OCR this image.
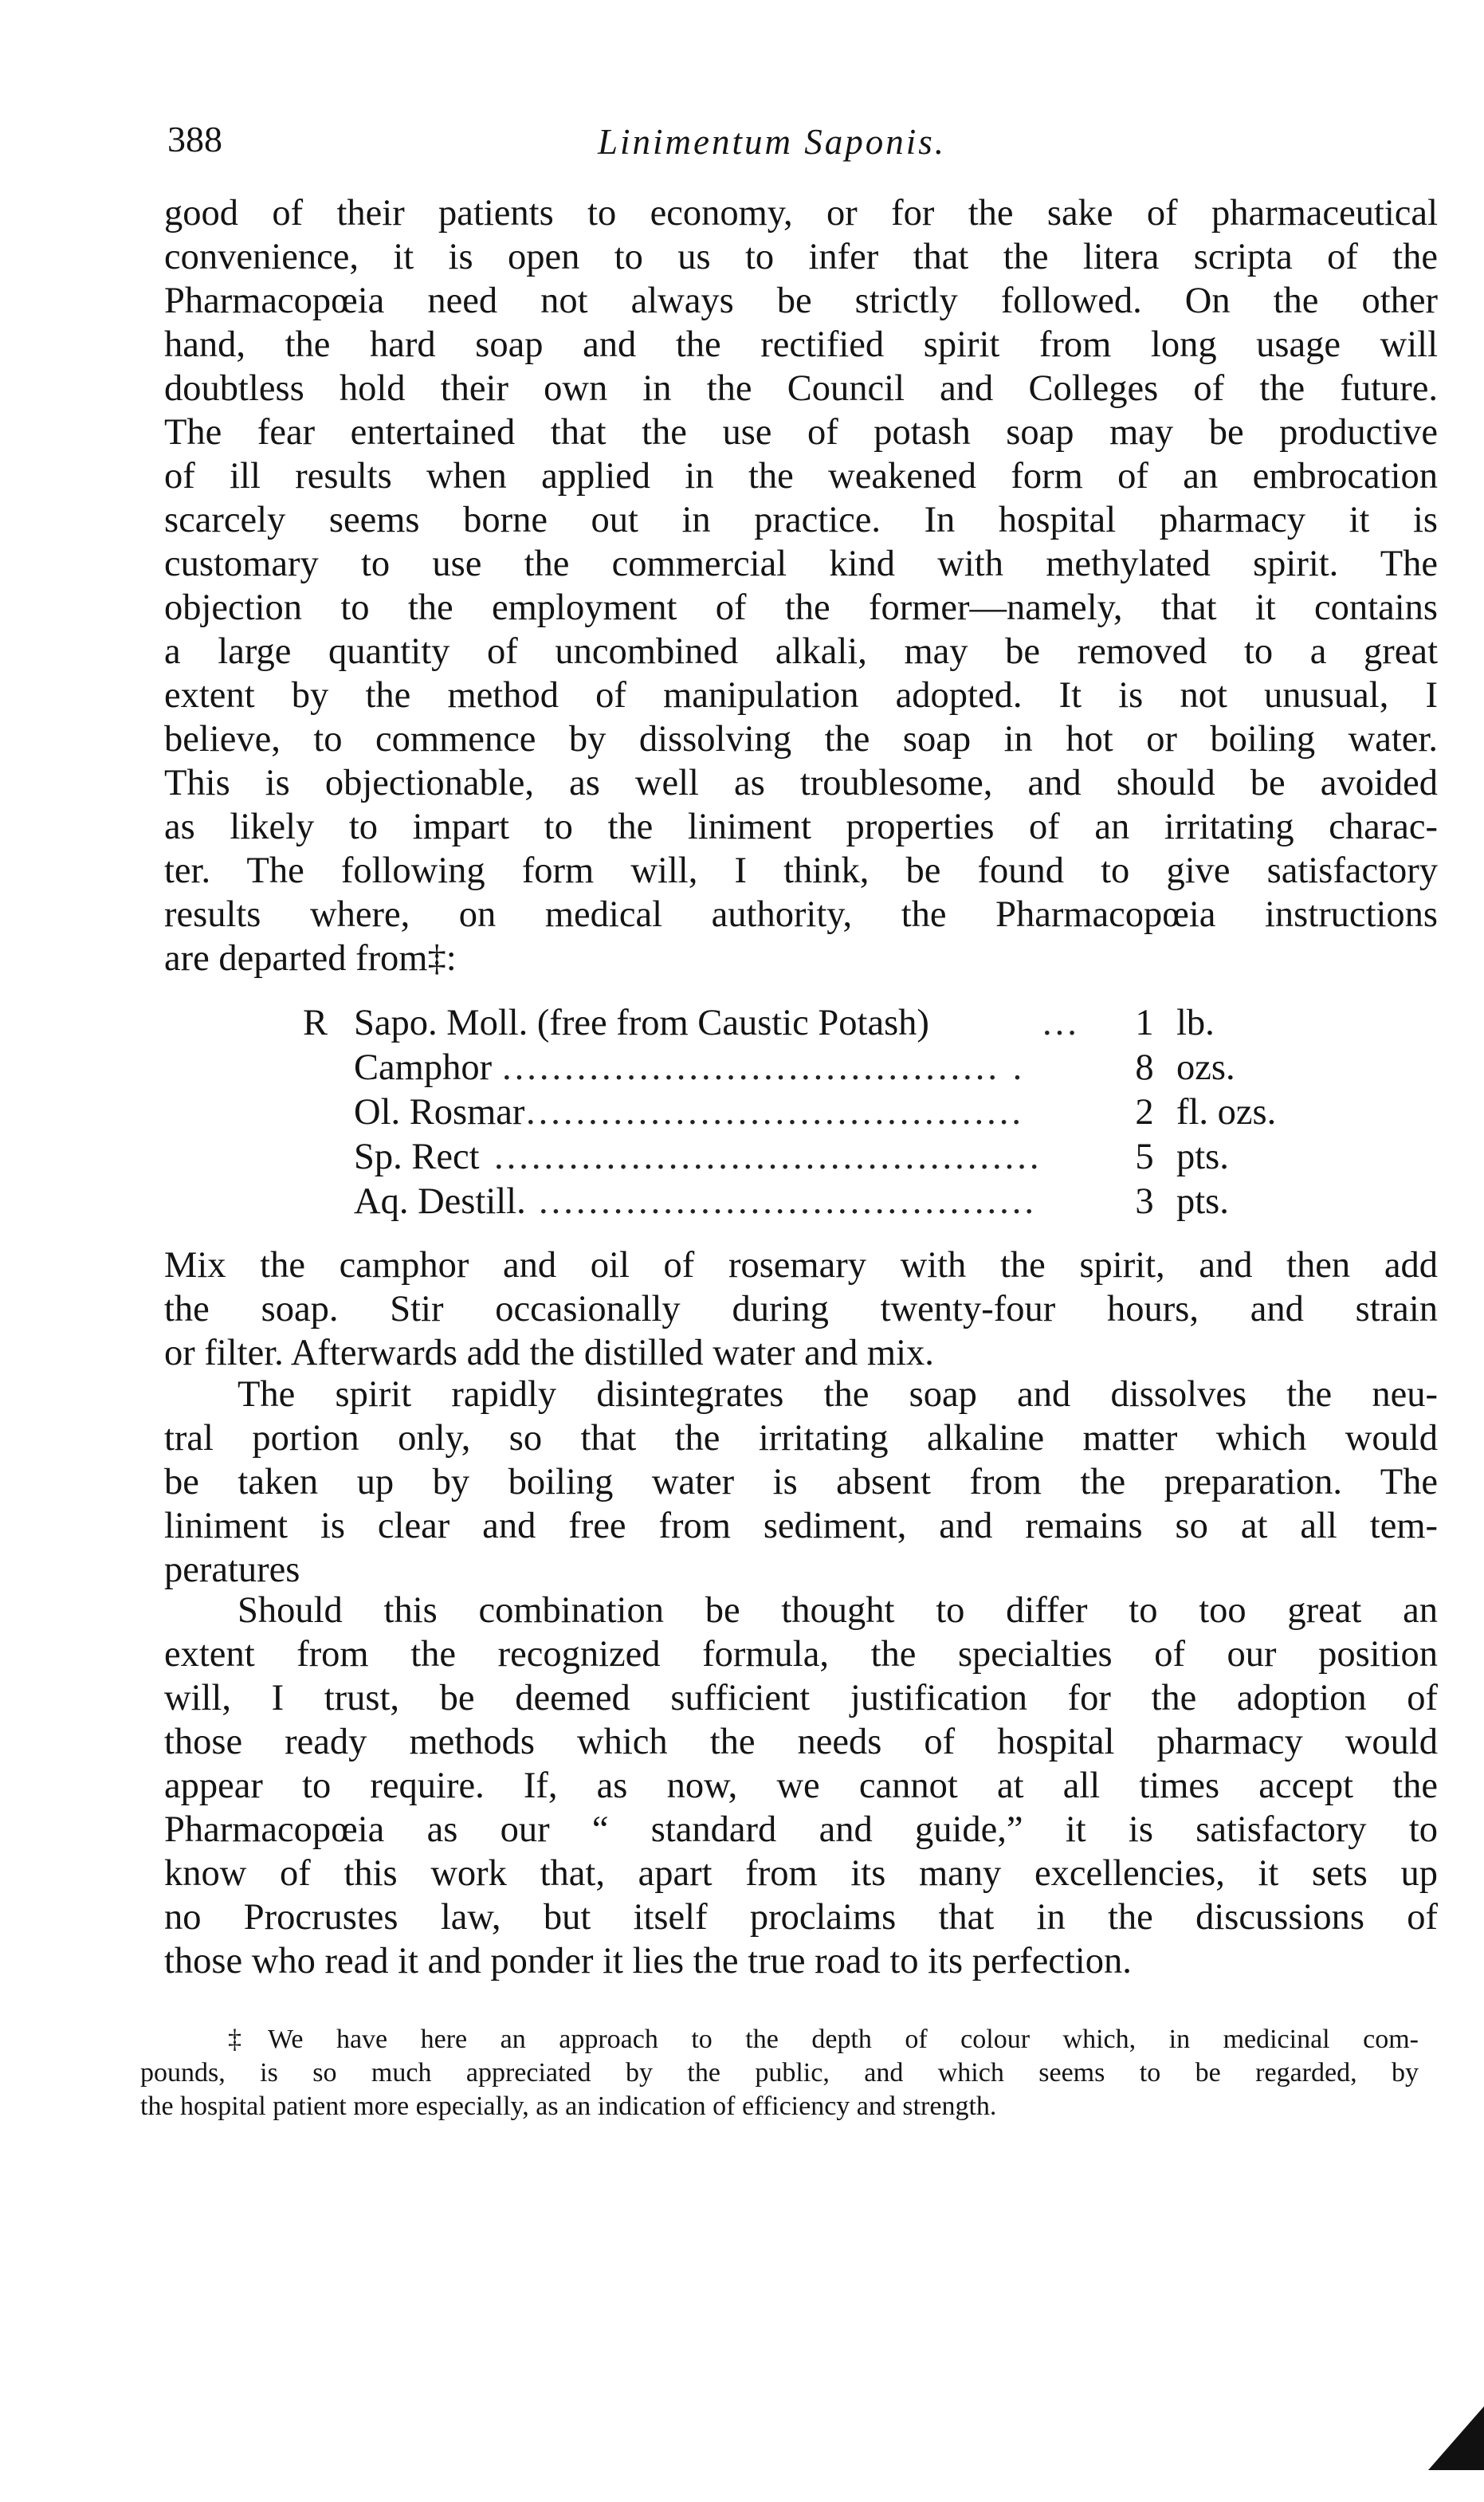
388	Linimentum Saponis.
good of their patients to economy, or for the sake of pharmaceutical
convenience, it is open to us to infer that the litera scripta of the
Pharmacopœia need not always be strictly followed. On the other
hand, the hard soap and the rectified spirit from long usage will
doubtless hold their own in the Council and Colleges of the future.
The fear entertained that the use of potash soap may be productive
of ill results when applied in the weakened form of an embrocation
scarcely seems borne out in practice. In hospital pharmacy it is
customary to use the commercial kind with methylated spirit. The
objection to the employment of the former—namely, that it contains
a large quantity of uncombined alkali, may be removed to a great
extent by the method of manipulation adopted. It is not unusual, I
believe, to commence by dissolving the soap in hot or boiling water.
This is objectionable, as well as troublesome, and should be avoided
as likely to impart to the liniment properties of an irritating charac-
ter. The following form will, I think, be found to give satisfactory
results where, on medical authority, the Pharmacopœia instructions
are departed from‡:
R Sapo. Moll. (free from Caustic Potash)	...	1 lb.
Camphor ........................................ .	8 ozs.
Ol. Rosmar ........................................	2 fl. ozs.
Sp. Rect ............................................	5 pts.
Aq. Destill. ........................................	3 pts.
Mix the camphor and oil of rosemary with the spirit, and then add
the soap. Stir occasionally during twenty-four hours, and strain
or filter. Afterwards add the distilled water and mix.
The spirit rapidly disintegrates the soap and dissolves the neu-
tral portion only, so that the irritating alkaline matter which would
be taken up by boiling water is absent from the preparation. The
liniment is clear and free from sediment, and remains so at all tem-
peratures
Should this combination be thought to differ to too great an
extent from the recognized formula, the specialties of our position
will, I trust, be deemed sufficient justification for the adoption of
those ready methods which the needs of hospital pharmacy would
appear to require. If, as now, we cannot at all times accept the
Pharmacopœia as our “ standard and guide,” it is satisfactory to
know of this work that, apart from its many excellencies, it sets up
no Procrustes law, but itself proclaims that in the discussions of
those who read it and ponder it lies the true road to its perfection.
‡We have here an approach to the depth of colour which, in medicinal com-
pounds, is so much appreciated by the public, and which seems to be regarded, by
the hospital patient more especially, as an indication of efficiency and strength.
